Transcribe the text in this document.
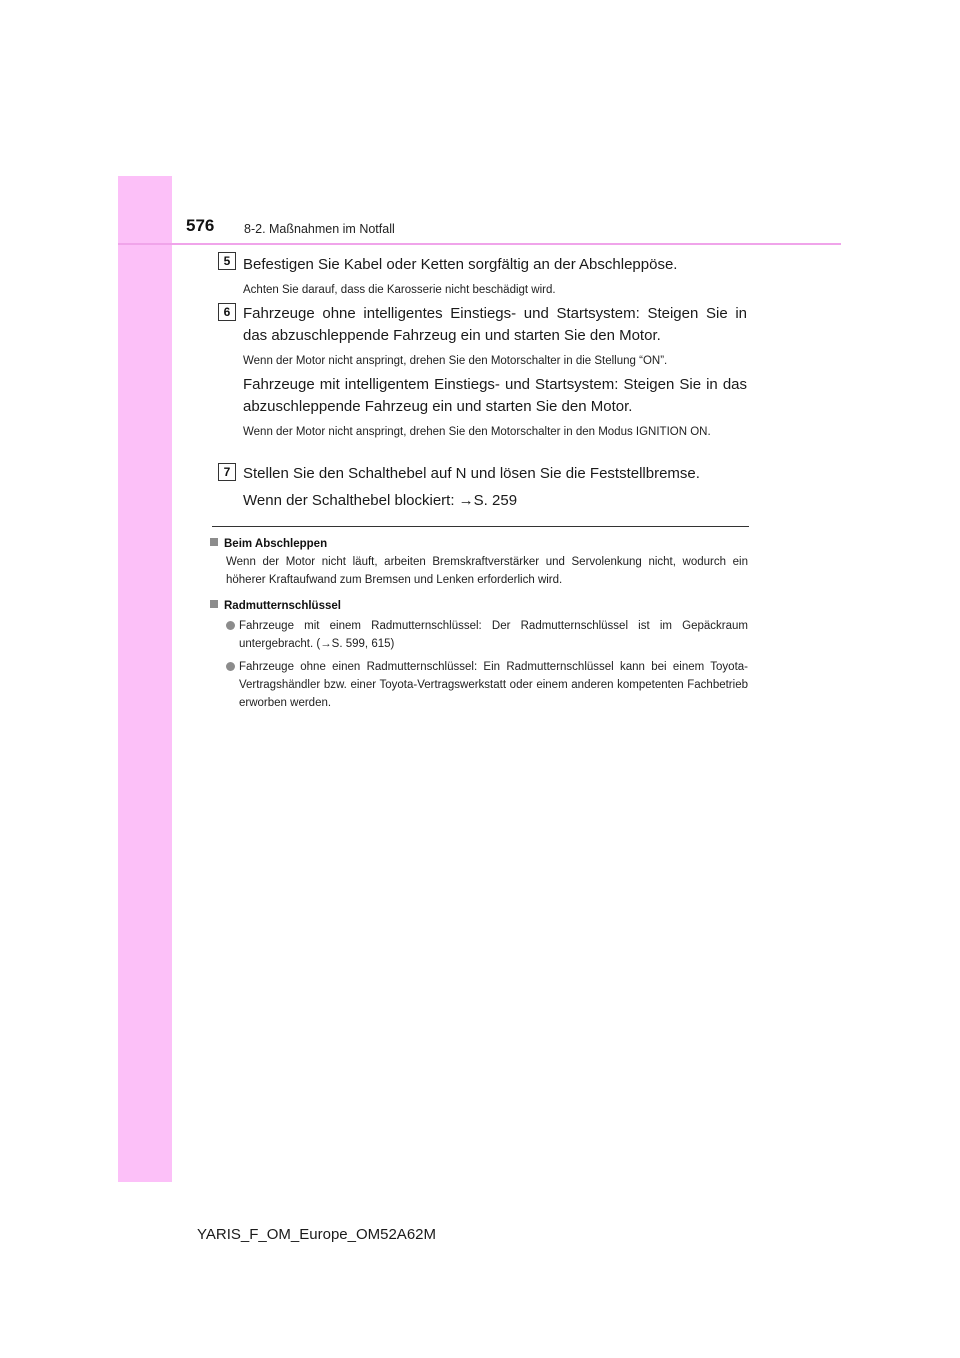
576 8-2. Maßnahmen im Notfall
5 Befestigen Sie Kabel oder Ketten sorgfältig an der Abschleppöse.
Achten Sie darauf, dass die Karosserie nicht beschädigt wird.
6 Fahrzeuge ohne intelligentes Einstiegs- und Startsystem: Steigen Sie in das abzuschleppende Fahrzeug ein und starten Sie den Motor.
Wenn der Motor nicht anspringt, drehen Sie den Motorschalter in die Stellung “ON”.
Fahrzeuge mit intelligentem Einstiegs- und Startsystem: Steigen Sie in das abzuschleppende Fahrzeug ein und starten Sie den Motor.
Wenn der Motor nicht anspringt, drehen Sie den Motorschalter in den Modus IGNITION ON.
7 Stellen Sie den Schalthebel auf N und lösen Sie die Feststellbremse.
Wenn der Schalthebel blockiert: →S. 259
Beim Abschleppen
Wenn der Motor nicht läuft, arbeiten Bremskraftverstärker und Servolenkung nicht, wodurch ein höherer Kraftaufwand zum Bremsen und Lenken erforderlich wird.
Radmutternschlüssel
Fahrzeuge mit einem Radmutternschlüssel: Der Radmutternschlüssel ist im Gepäckraum untergebracht. (→S. 599, 615)
Fahrzeuge ohne einen Radmutternschlüssel: Ein Radmutternschlüssel kann bei einem Toyota-Vertragshändler bzw. einer Toyota-Vertragswerkstatt oder einem anderen kompetenten Fachbetrieb erworben werden.
YARIS_F_OM_Europe_OM52A62M
